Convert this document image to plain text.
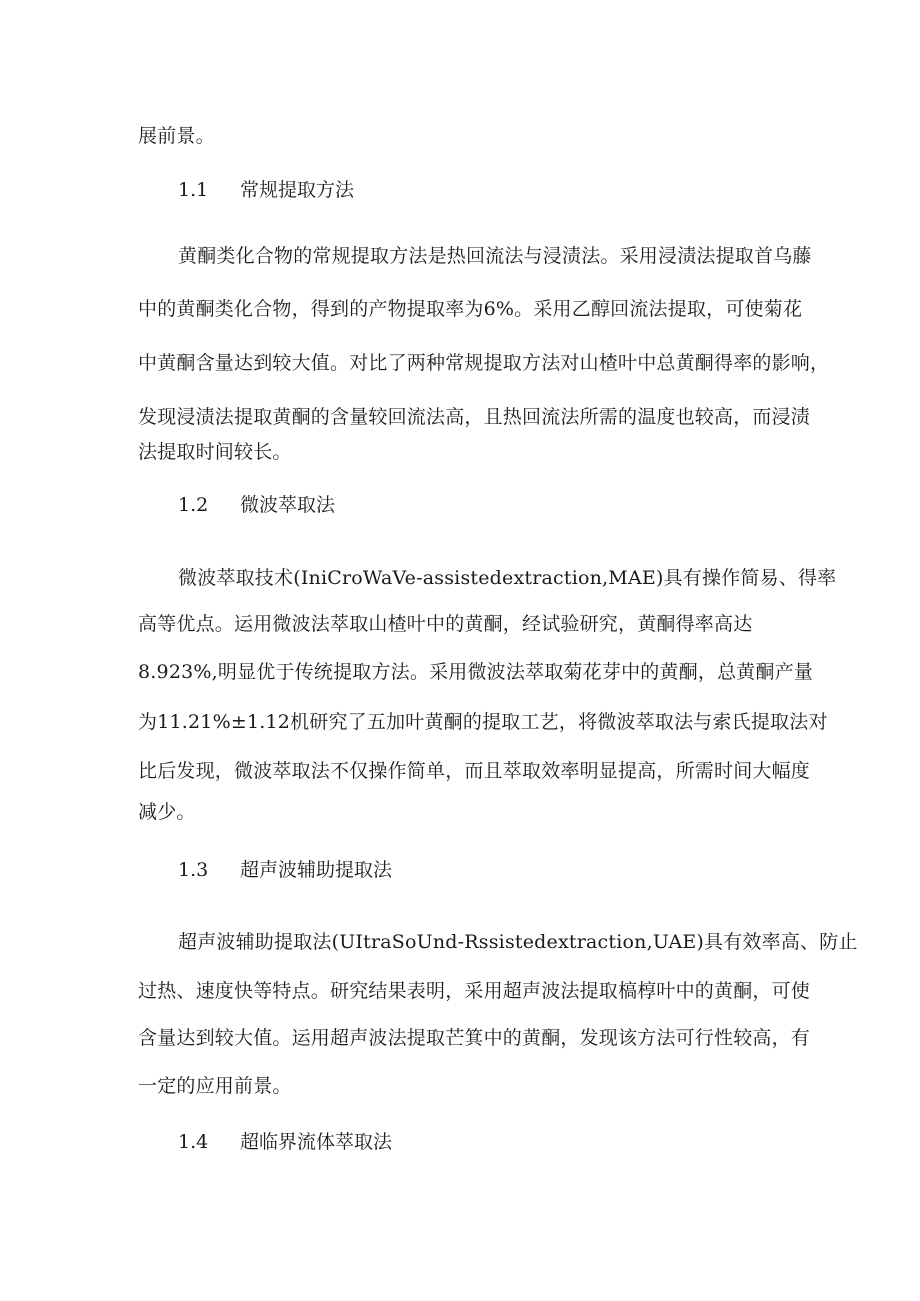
展前景。
1.1 常规提取方法
黄酮类化合物的常规提取方法是热回流法与浸渍法。采用浸渍法提取首乌藤
中的黄酮类化合物，得到的产物提取率为6%。采用乙醇回流法提取，可使菊花
中黄酮含量达到较大值。对比了两种常规提取方法对山楂叶中总黄酮得率的影响，
发现浸渍法提取黄酮的含量较回流法高，且热回流法所需的温度也较高，而浸渍
法提取时间较长。
1.2 微波萃取法
微波萃取技术(IniCroWaVe-assistedextraction,MAE)具有操作简易、得率
高等优点。运用微波法萃取山楂叶中的黄酮，经试验研究，黄酮得率高达
8.923%,明显优于传统提取方法。采用微波法萃取菊花芽中的黄酮，总黄酮产量
为11.21%±1.12机研究了五加叶黄酮的提取工艺，将微波萃取法与索氏提取法对
比后发现，微波萃取法不仅操作简单，而且萃取效率明显提高，所需时间大幅度
减少。
1.3 超声波辅助提取法
超声波辅助提取法(UItraSoUnd-Rssistedextraction,UAE)具有效率高、防止
过热、速度快等特点。研究结果表明，采用超声波法提取槁椁叶中的黄酮，可使
含量达到较大值。运用超声波法提取芒箕中的黄酮，发现该方法可行性较高，有
一定的应用前景。
1.4 超临界流体萃取法
